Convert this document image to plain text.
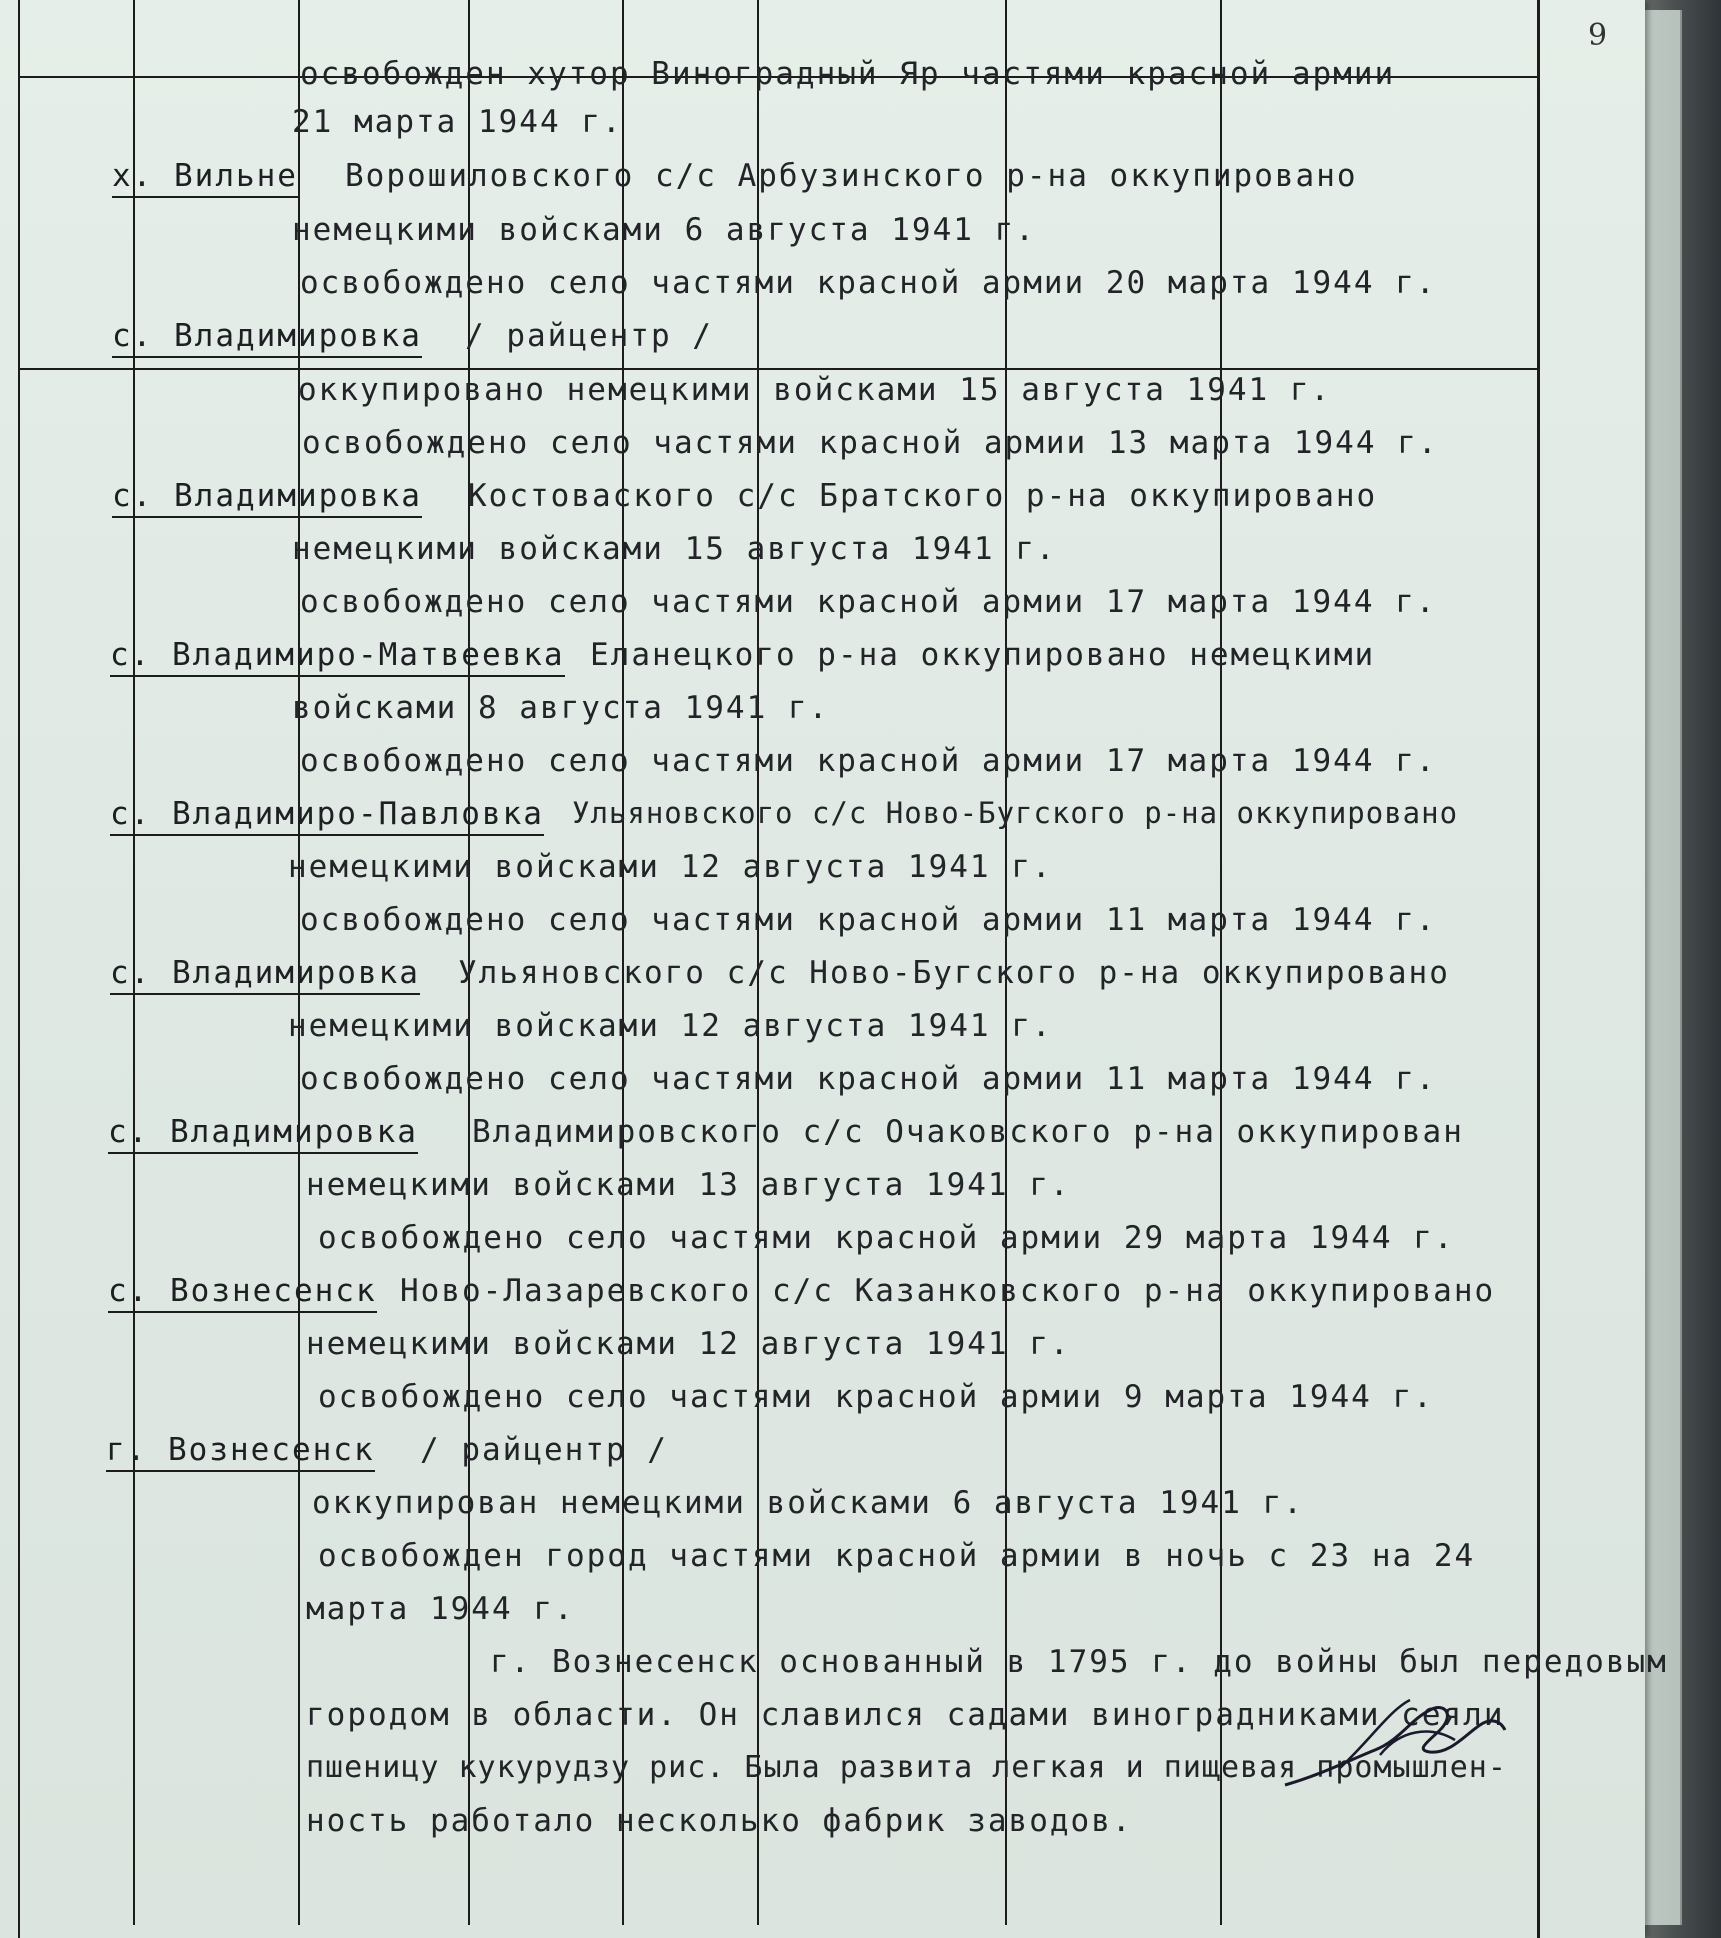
9
освобожден хутор Виноградный Яр частями красной армии
21 марта 1944 г.
х. Вильне Ворошиловского с/с Арбузинского р-на оккупировано
немецкими войсками 6 августа 1941 г.
освобождено село частями красной армии 20 марта 1944 г.
с. Владимировка / райцентр /
оккупировано немецкими войсками 15 августа 1941 г.
освобождено село частями красной армии 13 марта 1944 г.
с. Владимировка Костоваского с/с Братского р-на оккупировано
немецкими войсками 15 августа 1941 г.
освобождено село частями красной армии 17 марта 1944 г.
с. Владимиро-Матвеевка Еланецкого р-на оккупировано немецкими
войсками 8 августа 1941 г.
освобождено село частями красной армии 17 марта 1944 г.
с. Владимиро-Павловка Ульяновского с/с Ново-Бугского р-на оккупировано
немецкими войсками 12 августа 1941 г.
освобождено село частями красной армии 11 марта 1944 г.
с. Владимировка Ульяновского с/с Ново-Бугского р-на оккупировано
немецкими войсками 12 августа 1941 г.
освобождено село частями красной армии 11 марта 1944 г.
с. Владимировка Владимировского с/с Очаковского р-на оккупирован
немецкими войсками 13 августа 1941 г.
освобождено село частями красной армии 29 марта 1944 г.
с. Вознесенск Ново-Лазаревского с/с Казанковского р-на оккупировано
немецкими войсками 12 августа 1941 г.
освобождено село частями красной армии 9 марта 1944 г.
г. Вознесенск / райцентр /
оккупирован немецкими войсками 6 августа 1941 г.
освобожден город частями красной армии в ночь с 23 на 24
марта 1944 г.
г. Вознесенск основанный в 1795 г. до войны был передовым
городом в области. Он славился садами виноградниками сеяли
пшеницу кукурудзу рис. Была развита легкая и пищевая промышлен-
ность работало несколько фабрик заводов.
